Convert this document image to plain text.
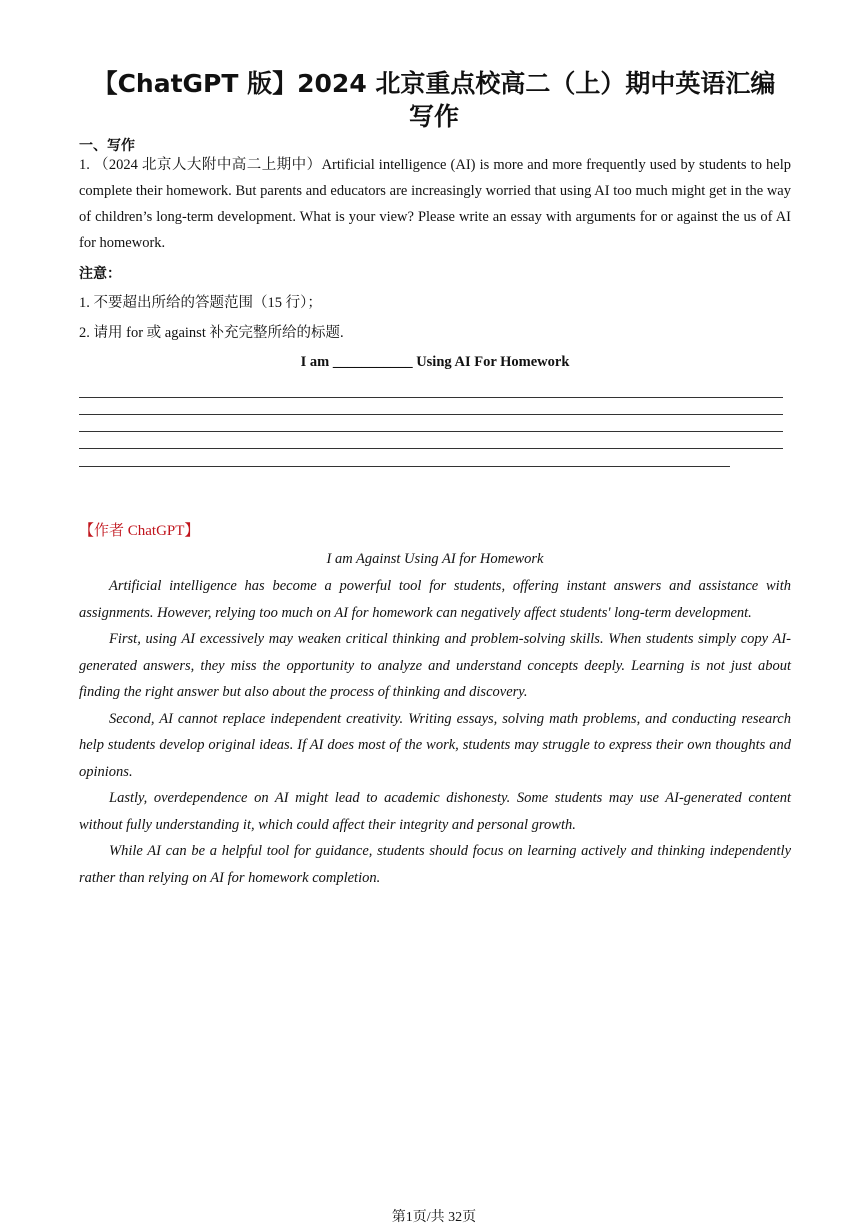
【ChatGPT 版】2024 北京重点校高二（上）期中英语汇编
写作
一、写作
1. （2024 北京人大附中高二上期中）Artificial intelligence (AI) is more and more frequently used by students to help complete their homework. But parents and educators are increasingly worried that using AI too much might get in the way of children’s long-term development. What is your view? Please write an essay with arguments for or against the us of AI for homework.
注意：
1. 不要超出所给的答题范围（15 行）；
2. 请用 for 或 against 补充完整所给的标题.
I am ___________ Using AI For Homework
【作者 ChatGPT】
I am Against Using AI for Homework
Artificial intelligence has become a powerful tool for students, offering instant answers and assistance with assignments. However, relying too much on AI for homework can negatively affect students' long-term development.
First, using AI excessively may weaken critical thinking and problem-solving skills. When students simply copy AI-generated answers, they miss the opportunity to analyze and understand concepts deeply. Learning is not just about finding the right answer but also about the process of thinking and discovery.
Second, AI cannot replace independent creativity. Writing essays, solving math problems, and conducting research help students develop original ideas. If AI does most of the work, students may struggle to express their own thoughts and opinions.
Lastly, overdependence on AI might lead to academic dishonesty. Some students may use AI-generated content without fully understanding it, which could affect their integrity and personal growth.
While AI can be a helpful tool for guidance, students should focus on learning actively and thinking independently rather than relying on AI for homework completion.
第1页/共 32页
